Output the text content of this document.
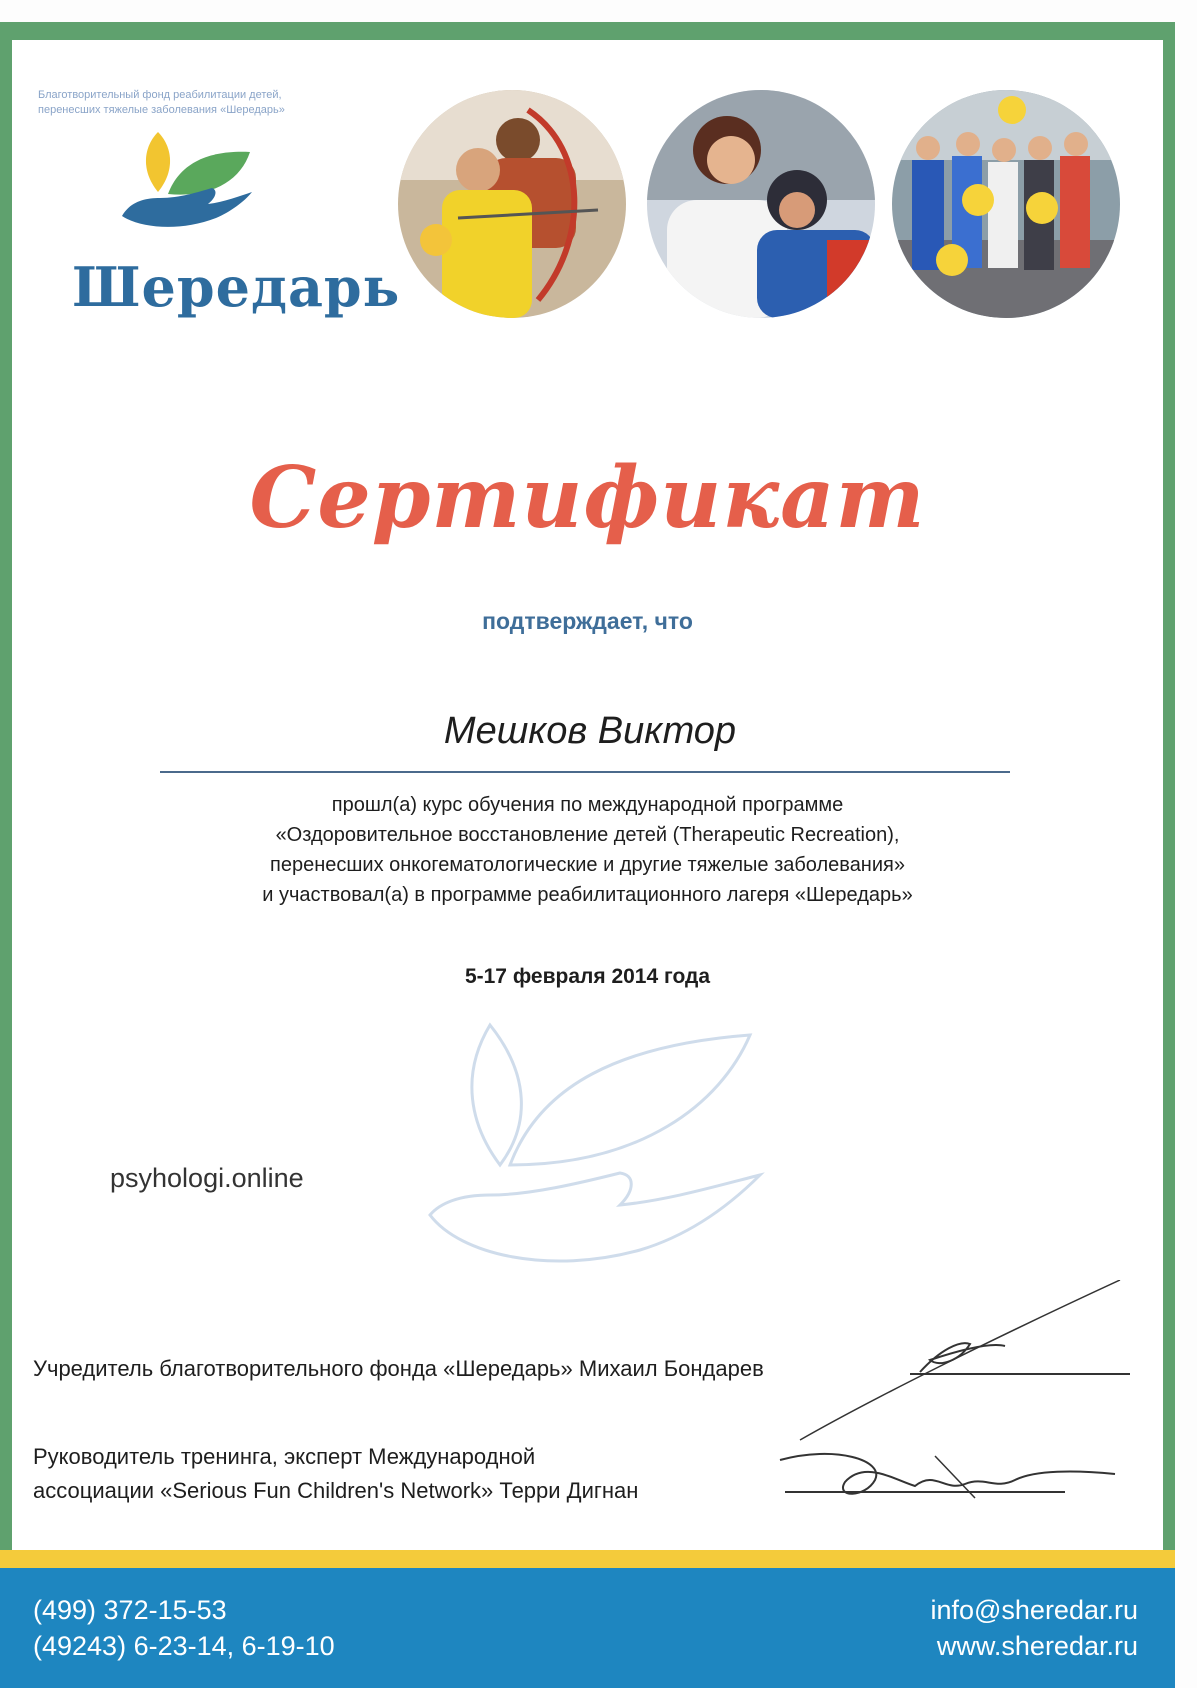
Благотворительный фонд реабилитации детей,
перенесших тяжелые заболевания «Шередарь»
Шередарь
Сертификат
подтверждает, что
Мешков Виктор
прошл(а) курс обучения по международной программе
«Оздоровительное восстановление детей (Therapeutic Recreation),
перенесших онкогематологические и другие тяжелые заболевания»
и участвовал(а) в программе реабилитационного лагеря «Шередарь»
5-17 февраля 2014 года
psyhologi.online
Учредитель благотворительного фонда «Шередарь» Михаил Бондарев
Руководитель тренинга, эксперт Международной
ассоциации «Serious Fun Children's Network» Терри Дигнан
(499) 372-15-53
(49243) 6-23-14, 6-19-10
info@sheredar.ru
www.sheredar.ru
